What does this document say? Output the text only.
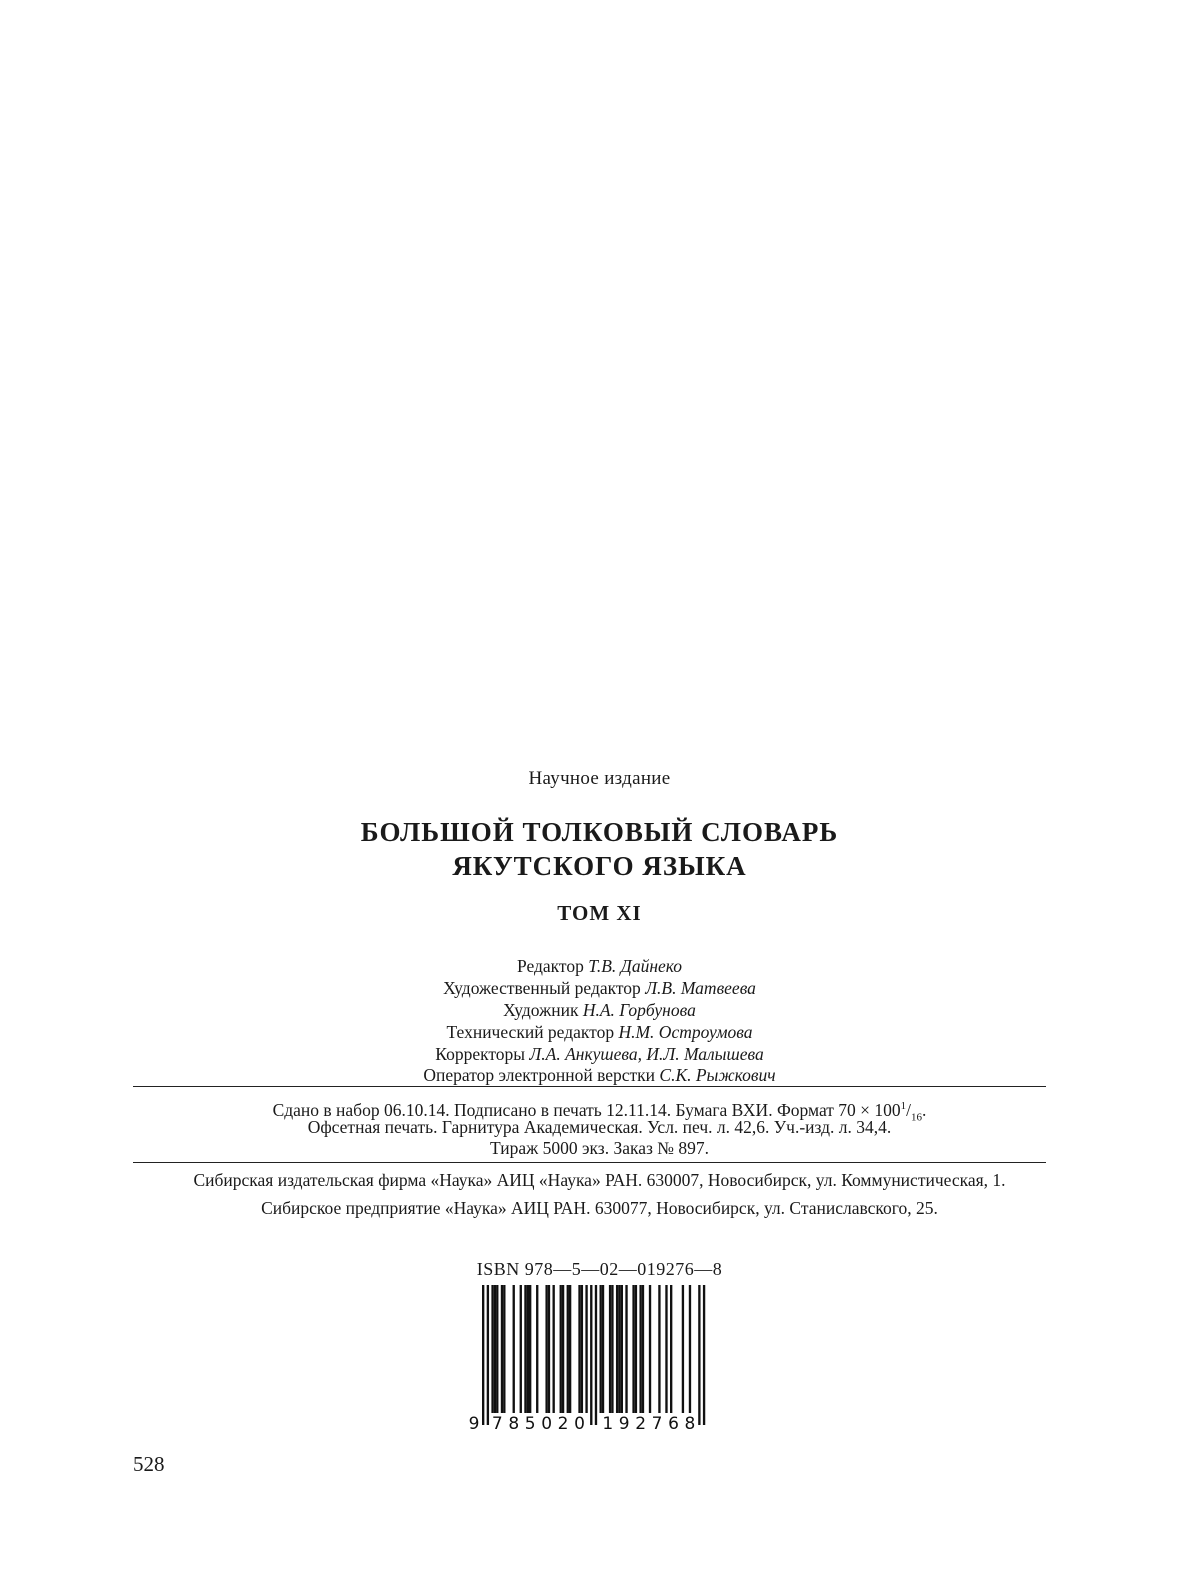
Научное издание
БОЛЬШОЙ ТОЛКОВЫЙ СЛОВАРЬ
ЯКУТСКОГО ЯЗЫКА
ТОМ XI
Редактор Т.В. Дайнеко
Художественный редактор Л.В. Матвеева
Художник Н.А. Горбунова
Технический редактор Н.М. Остроумова
Корректоры Л.А. Анкушева, И.Л. Малышева
Оператор электронной верстки С.К. Рыжкович
Сдано в набор 06.10.14. Подписано в печать 12.11.14. Бумага ВХИ. Формат $70 \times 100^1/_{16}$.
Офсетная печать. Гарнитура Академическая. Усл. печ. л. 42,6. Уч.-изд. л. 34,4.
Тираж 5000 экз. Заказ № 897.
Сибирская издательская фирма «Наука» АИЦ «Наука» РАН. 630007, Новосибирск, ул. Коммунистическая, 1.
Сибирское предприятие «Наука» АИЦ РАН. 630077, Новосибирск, ул. Станиславского, 25.
ISBN 978—5—02—019276—8
9 7 8 5 0 2 0 1 9 2 7 6 8
528
